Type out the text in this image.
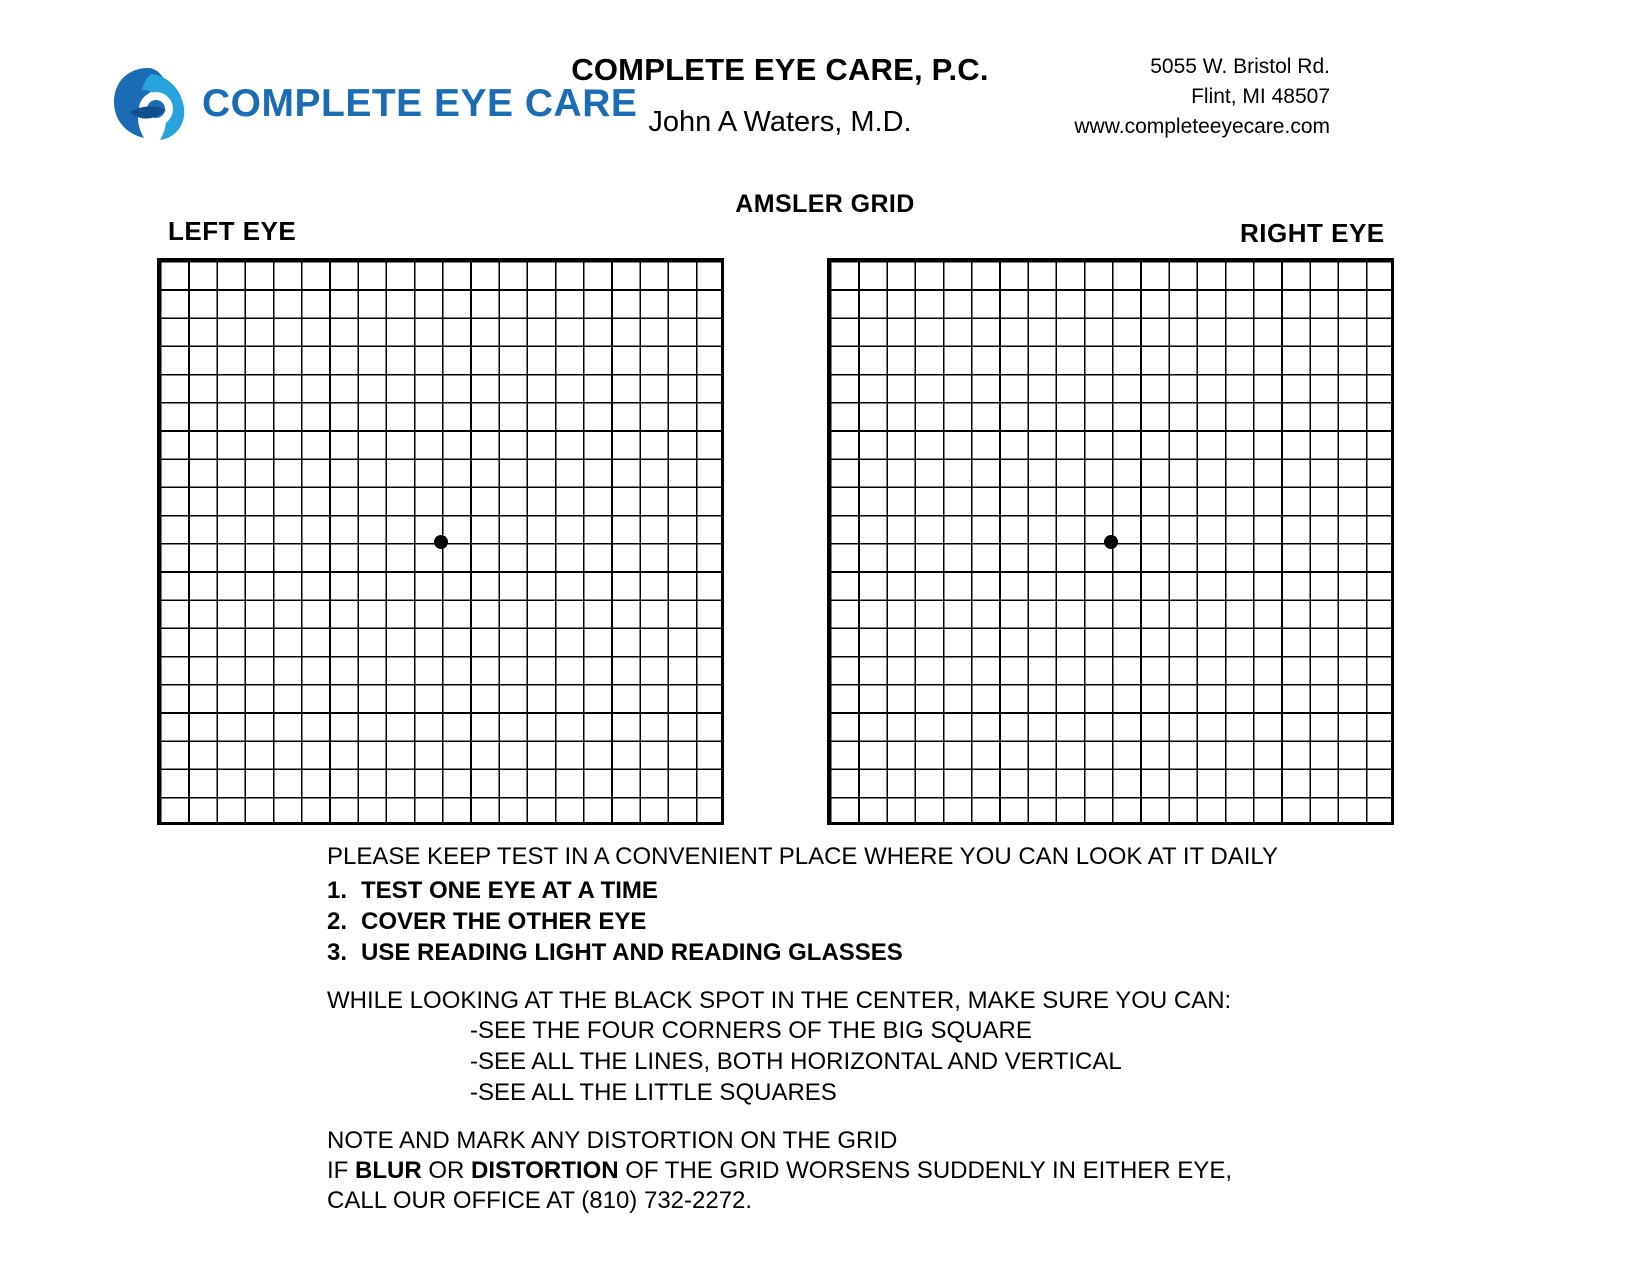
COMPLETE EYE CARE
COMPLETE EYE CARE, P.C.
John A Waters, M.D.
5055 W. Bristol Rd.
Flint, MI 48507
www.completeeyecare.com
AMSLER GRID
LEFT EYE	RIGHT EYE
PLEASE KEEP TEST IN A CONVENIENT PLACE WHERE YOU CAN LOOK AT IT DAILY
1. TEST ONE EYE AT A TIME
2. COVER THE OTHER EYE
3. USE READING LIGHT AND READING GLASSES
WHILE LOOKING AT THE BLACK SPOT IN THE CENTER, MAKE SURE YOU CAN:
-SEE THE FOUR CORNERS OF THE BIG SQUARE
-SEE ALL THE LINES, BOTH HORIZONTAL AND VERTICAL
-SEE ALL THE LITTLE SQUARES
NOTE AND MARK ANY DISTORTION ON THE GRID
IF BLUR OR DISTORTION OF THE GRID WORSENS SUDDENLY IN EITHER EYE,
CALL OUR OFFICE AT (810) 732-2272.
